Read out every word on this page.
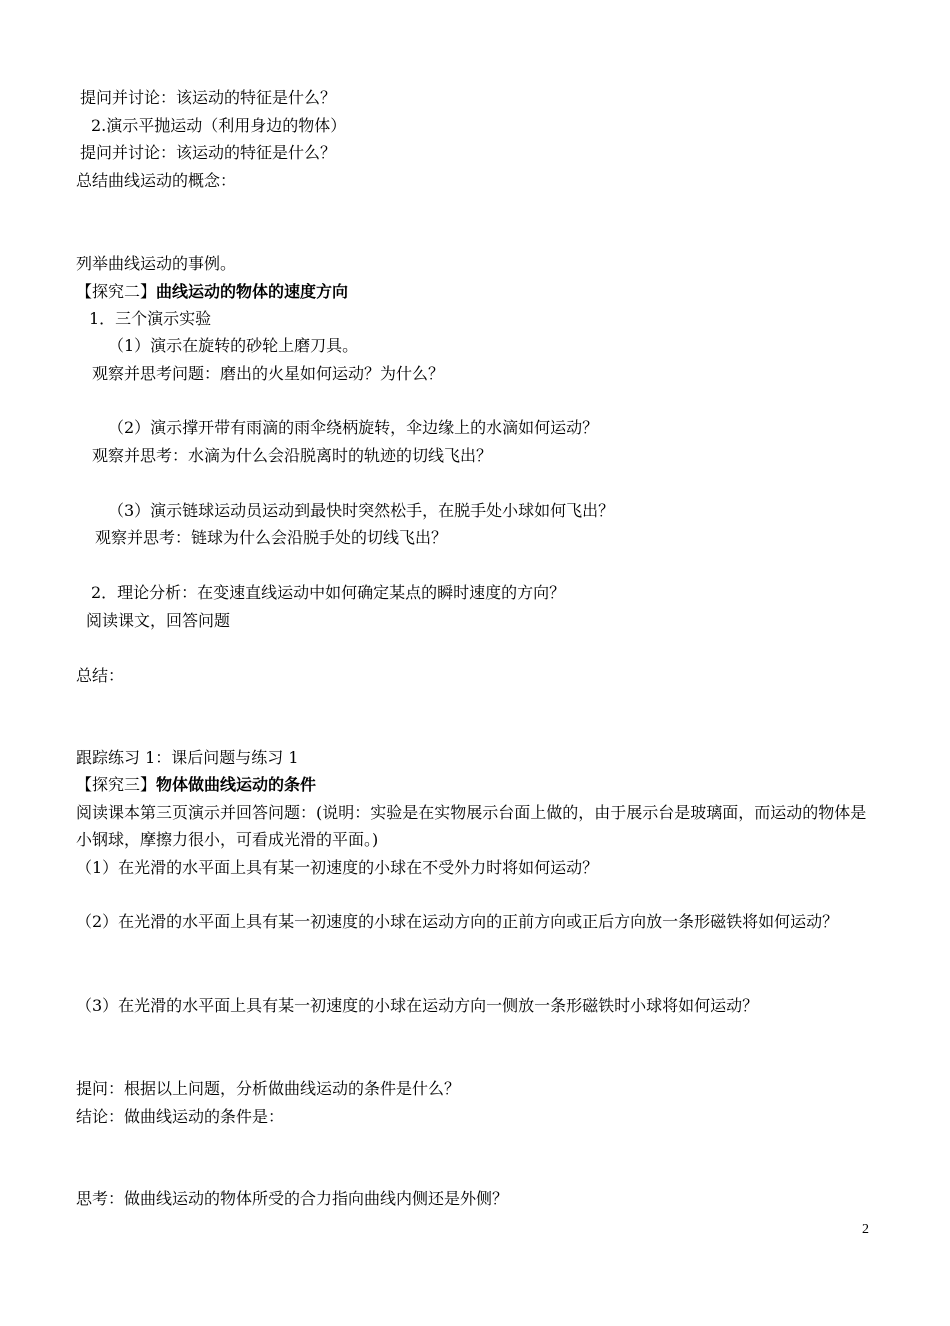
提问并讨论：该运动的特征是什么？
2.演示平抛运动（利用身边的物体）
提问并讨论：该运动的特征是什么？
总结曲线运动的概念：
列举曲线运动的事例。
【探究二】曲线运动的物体的速度方向
1．三个演示实验
（1）演示在旋转的砂轮上磨刀具。
观察并思考问题：磨出的火星如何运动？为什么？
（2）演示撑开带有雨滴的雨伞绕柄旋转，伞边缘上的水滴如何运动？
观察并思考：水滴为什么会沿脱离时的轨迹的切线飞出？
（3）演示链球运动员运动到最快时突然松手，在脱手处小球如何飞出？
观察并思考：链球为什么会沿脱手处的切线飞出？
2．理论分析：在变速直线运动中如何确定某点的瞬时速度的方向？
阅读课文，回答问题
总结：
跟踪练习 1：课后问题与练习 1
【探究三】物体做曲线运动的条件
阅读课本第三页演示并回答问题：(说明：实验是在实物展示台面上做的，由于展示台是玻璃面，而运动的物体是小钢球，摩擦力很小，可看成光滑的平面。)
（1）在光滑的水平面上具有某一初速度的小球在不受外力时将如何运动？
（2）在光滑的水平面上具有某一初速度的小球在运动方向的正前方向或正后方向放一条形磁铁将如何运动？
（3）在光滑的水平面上具有某一初速度的小球在运动方向一侧放一条形磁铁时小球将如何运动？
提问：根据以上问题，分析做曲线运动的条件是什么？
结论：做曲线运动的条件是：
思考：做曲线运动的物体所受的合力指向曲线内侧还是外侧？
2
